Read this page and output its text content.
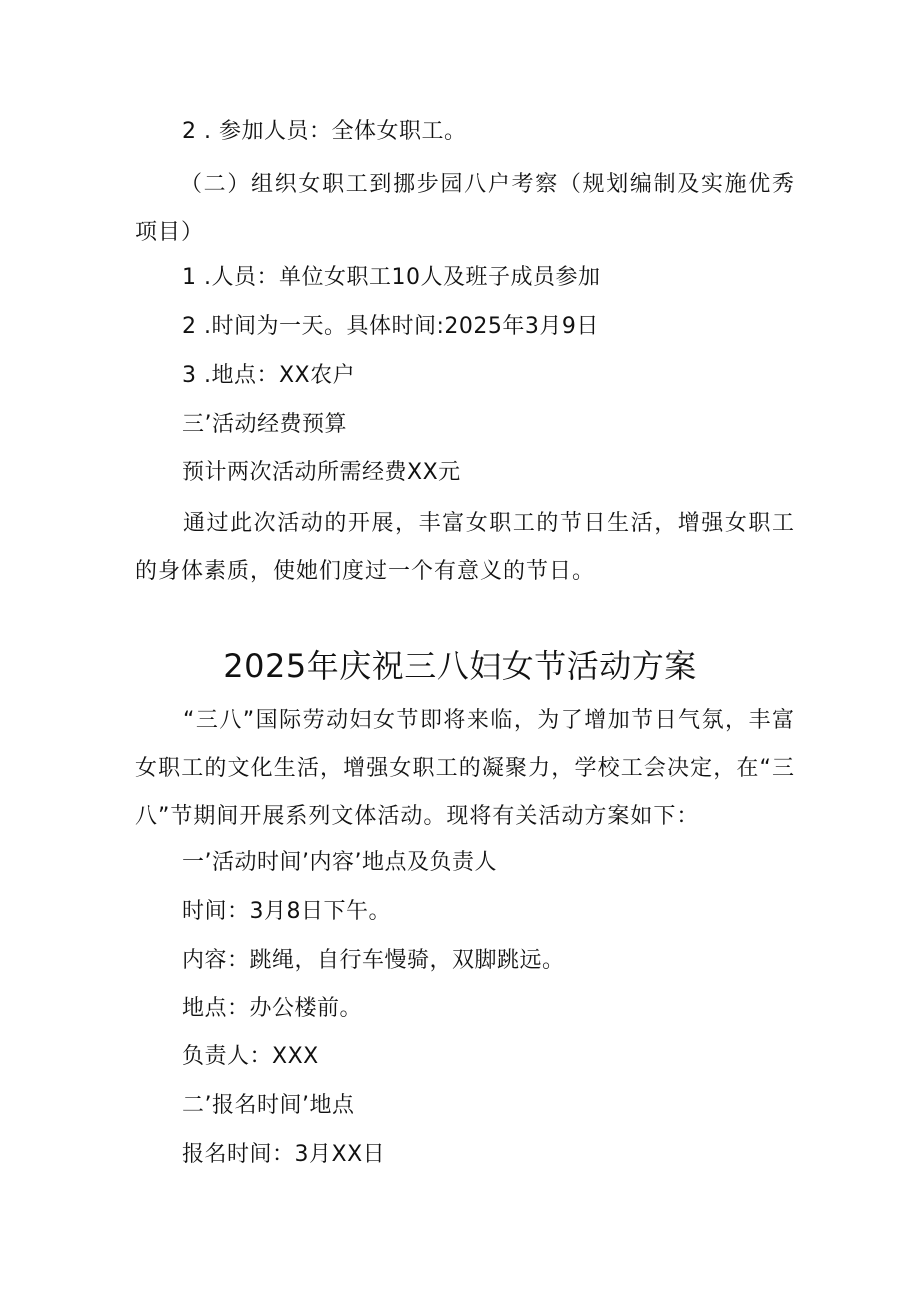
2 . 参加人员：全体女职工。
（二）组织女职工到挪步园八户考察（规划编制及实施优秀项目）
1 .人员：单位女职工10人及班子成员参加
2 .时间为一天。具体时间:2025年3月9日
3 .地点：XX农户
三’活动经费预算
预计两次活动所需经费XX元
通过此次活动的开展，丰富女职工的节日生活，增强女职工的身体素质，使她们度过一个有意义的节日。
2025年庆祝三八妇女节活动方案
“三八”国际劳动妇女节即将来临，为了增加节日气氛，丰富女职工的文化生活，增强女职工的凝聚力，学校工会决定，在“三八”节期间开展系列文体活动。现将有关活动方案如下：
一’活动时间’内容’地点及负责人
时间：3月8日下午。
内容：跳绳，自行车慢骑，双脚跳远。
地点：办公楼前。
负责人：XXX
二’报名时间’地点
报名时间：3月XX日
